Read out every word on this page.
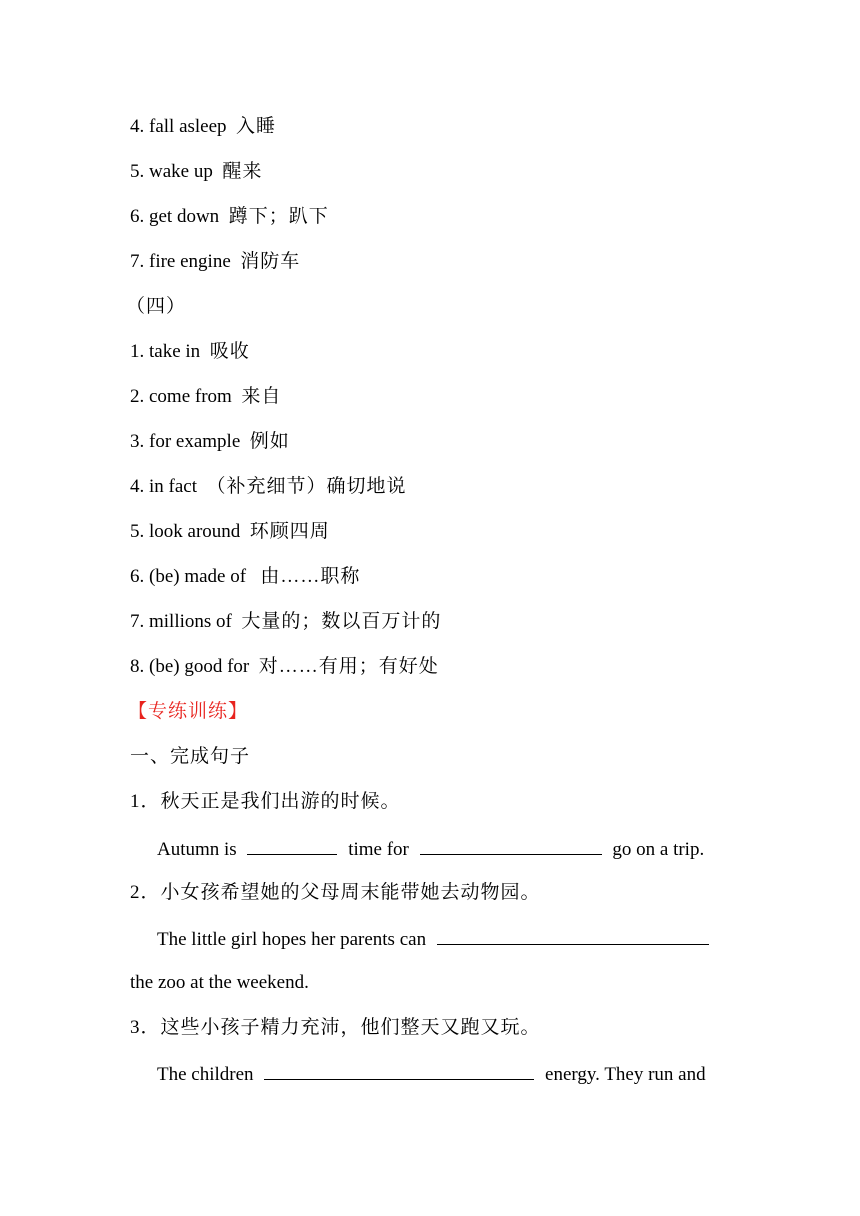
4. fall asleep 入睡
5. wake up 醒来
6. get down 蹲下；趴下
7. fire engine 消防车
（四）
1. take in 吸收
2. come from 来自
3. for example 例如
4. in fact （补充细节）确切地说
5. look around 环顾四周
6. (be) made of 由……职称
7. millions of 大量的；数以百万计的
8. (be) good for 对……有用；有好处
【专练训练】
一、完成句子
1．秋天正是我们出游的时候。
Autumn is	time for	go on a trip.
2．小女孩希望她的父母周末能带她去动物园。
The little girl hopes her parents can
the zoo at the weekend.
3．这些小孩子精力充沛，他们整天又跑又玩。
The children	energy. They run and
